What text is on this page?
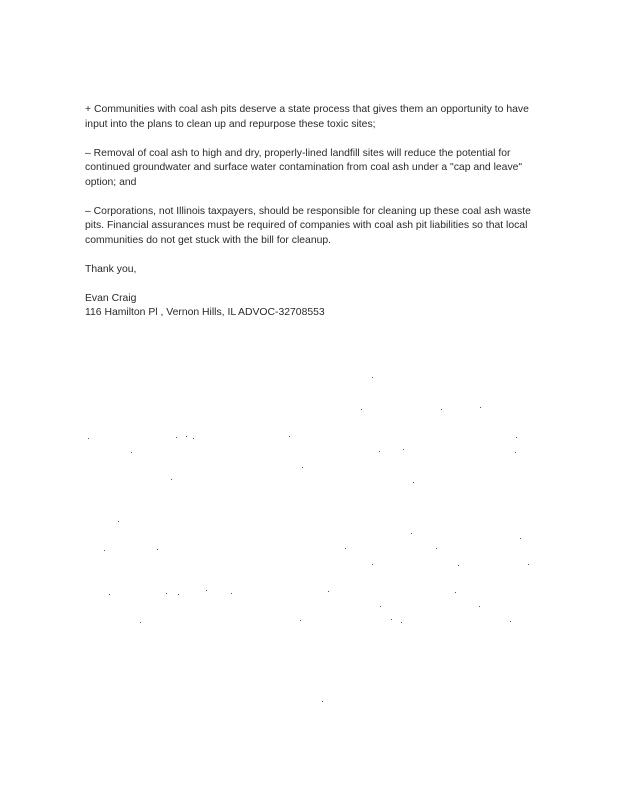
+ Communities with coal ash pits deserve a state process that gives them an opportunity to have input into the plans to clean up and repurpose these toxic sites;

– Removal of coal ash to high and dry, properly-lined landfill sites will reduce the potential for continued groundwater and surface water contamination from coal ash under a "cap and leave" option; and

– Corporations, not Illinois taxpayers, should be responsible for cleaning up these coal ash waste pits. Financial assurances must be required of companies with coal ash pit liabilities so that local communities do not get stuck with the bill for cleanup.

Thank you,

Evan Craig
116 Hamilton Pl , Vernon Hills, IL ADVOC-32708553
